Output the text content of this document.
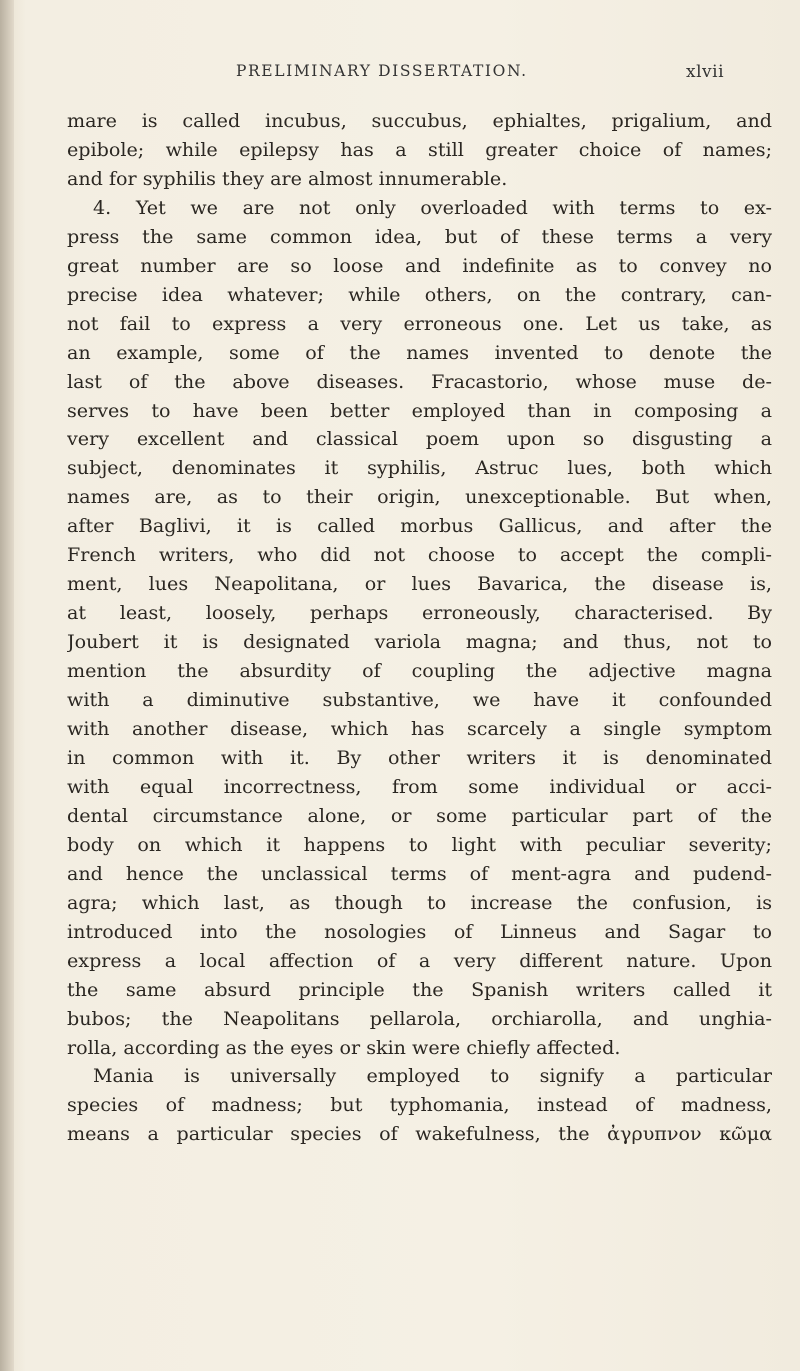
PRELIMINARY DISSERTATION.	xlvii
mare is called incubus, succubus, ephialtes, prigalium, and
epibole; while epilepsy has a still greater choice of names;
and for syphilis they are almost innumerable.
4. Yet we are not only overloaded with terms to ex-
press the same common idea, but of these terms a very
great number are so loose and indefinite as to convey no
precise idea whatever; while others, on the contrary, can-
not fail to express a very erroneous one. Let us take, as
an example, some of the names invented to denote the
last of the above diseases. Fracastorio, whose muse de-
serves to have been better employed than in composing a
very excellent and classical poem upon so disgusting a
subject, denominates it syphilis, Astruc lues, both which
names are, as to their origin, unexceptionable. But when,
after Baglivi, it is called morbus Gallicus, and after the
French writers, who did not choose to accept the compli-
ment, lues Neapolitana, or lues Bavarica, the disease is,
at least, loosely, perhaps erroneously, characterised. By
Joubert it is designated variola magna; and thus, not to
mention the absurdity of coupling the adjective magna
with a diminutive substantive, we have it confounded
with another disease, which has scarcely a single symptom
in common with it. By other writers it is denominated
with equal incorrectness, from some individual or acci-
dental circumstance alone, or some particular part of the
body on which it happens to light with peculiar severity;
and hence the unclassical terms of ment-agra and pudend-
agra; which last, as though to increase the confusion, is
introduced into the nosologies of Linneus and Sagar to
express a local affection of a very different nature. Upon
the same absurd principle the Spanish writers called it
bubos; the Neapolitans pellarola, orchiarolla, and unghia-
rolla, according as the eyes or skin were chiefly affected.
Mania is universally employed to signify a particular
species of madness; but typhomania, instead of madness,
means a particular species of wakefulness, the ἀγρυπνον κῶμα
